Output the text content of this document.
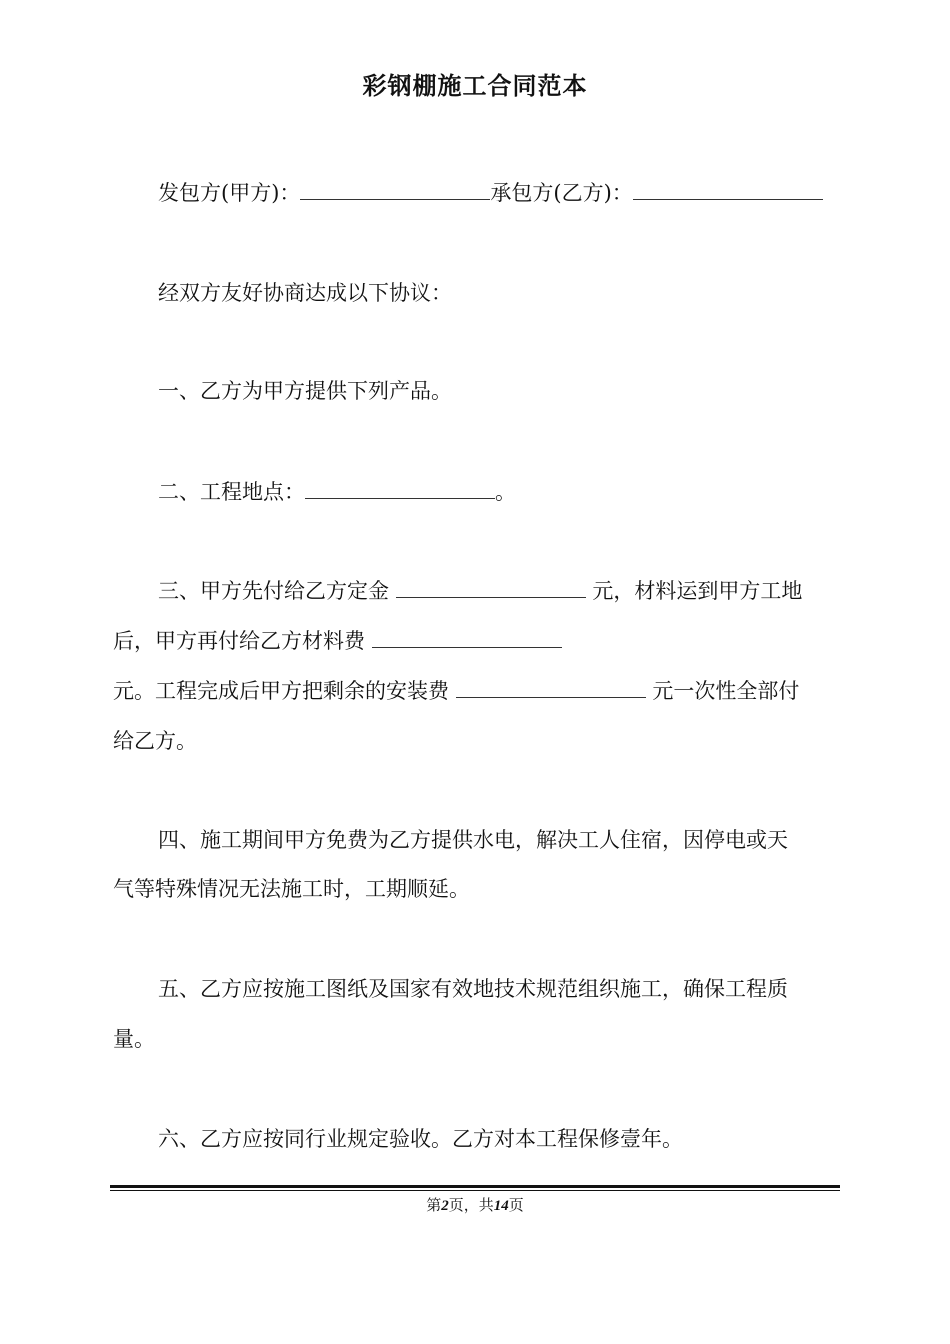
彩钢棚施工合同范本
发包方(甲方)：	承包方(乙方)：
经双方友好协商达成以下协议：
一、乙方为甲方提供下列产品。
二、工程地点：	。
三、甲方先付给乙方定金	元，材料运到甲方工地
后，甲方再付给乙方材料费
元。工程完成后甲方把剩余的安装费	元一次性全部付
给乙方。
四、施工期间甲方免费为乙方提供水电，解决工人住宿，因停电或天
气等特殊情况无法施工时，工期顺延。
五、乙方应按施工图纸及国家有效地技术规范组织施工，确保工程质
量。
六、乙方应按同行业规定验收。乙方对本工程保修壹年。
第2页，共14页
